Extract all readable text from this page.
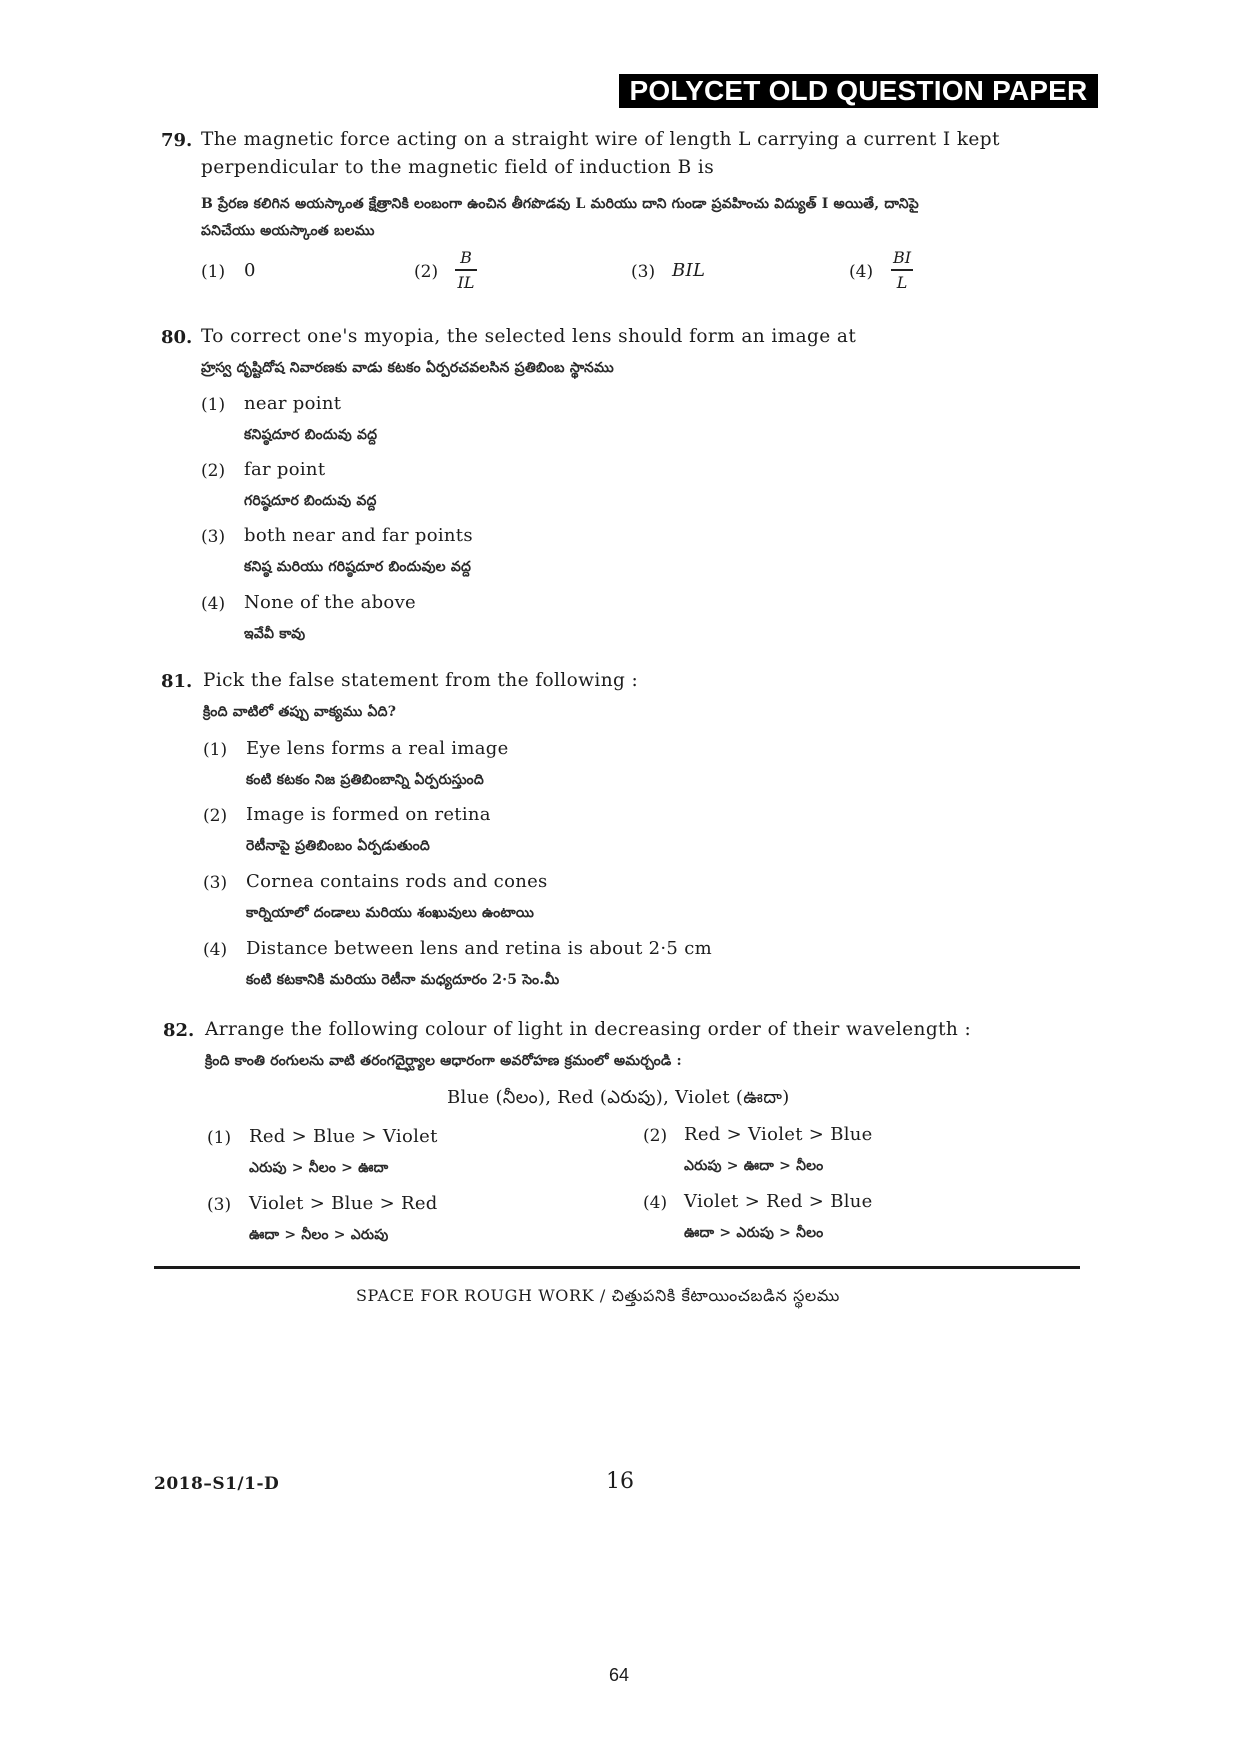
POLYCET OLD QUESTION PAPER
79. The magnetic force acting on a straight wire of length L carrying a current I kept
perpendicular to the magnetic field of induction B is
B ప్రేరణ కలిగిన అయస్కాంత క్షేత్రానికి లంబంగా ఉంచిన తీగపొడవు L మరియు దాని గుండా ప్రవహించు విద్యుత్ I అయితే, దానిపై
పనిచేయు అయస్కాంత బలము
(1) 0	(2)
B
IL	(3) BIL	(4)
BI
L
80. To correct one's myopia, the selected lens should form an image at
హ్రస్వ దృష్టిదోష నివారణకు వాడు కటకం ఏర్పరచవలసిన ప్రతిబింబ స్థానము
(1) near point
కనిష్ఠదూర బిందువు వద్ద
(2) far point
గరిష్ఠదూర బిందువు వద్ద
(3) both near and far points
కనిష్ఠ మరియు గరిష్ఠదూర బిందువుల వద్ద
(4) None of the above
ఇవేవీ కావు
81. Pick the false statement from the following :
క్రింది వాటిలో తప్పు వాక్యము ఏది?
(1) Eye lens forms a real image
కంటి కటకం నిజ ప్రతిబింబాన్ని ఏర్పరుస్తుంది
(2) Image is formed on retina
రెటీనాపై ప్రతిబింబం ఏర్పడుతుంది
(3) Cornea contains rods and cones
కార్నియాలో దండాలు మరియు శంఖువులు ఉంటాయి
(4) Distance between lens and retina is about 2·5 cm
కంటి కటకానికి మరియు రెటీనా మధ్యదూరం 2·5 సెం.మీ
82. Arrange the following colour of light in decreasing order of their wavelength :
క్రింది కాంతి రంగులను వాటి తరంగదైర్ఘ్యాల ఆధారంగా అవరోహణ క్రమంలో అమర్చండి :
Blue (నీలం), Red (ఎరుపు), Violet (ఊదా)
(1) Red > Blue > Violet
ఎరుపు > నీలం > ఊదా
(2) Red > Violet > Blue
ఎరుపు > ఊదా > నీలం
(3) Violet > Blue > Red
ఊదా > నీలం > ఎరుపు
(4) Violet > Red > Blue
ఊదా > ఎరుపు > నీలం
SPACE FOR ROUGH WORK / చిత్తుపనికి కేటాయించబడిన స్థలము
2018–S1/1-D	16
64
